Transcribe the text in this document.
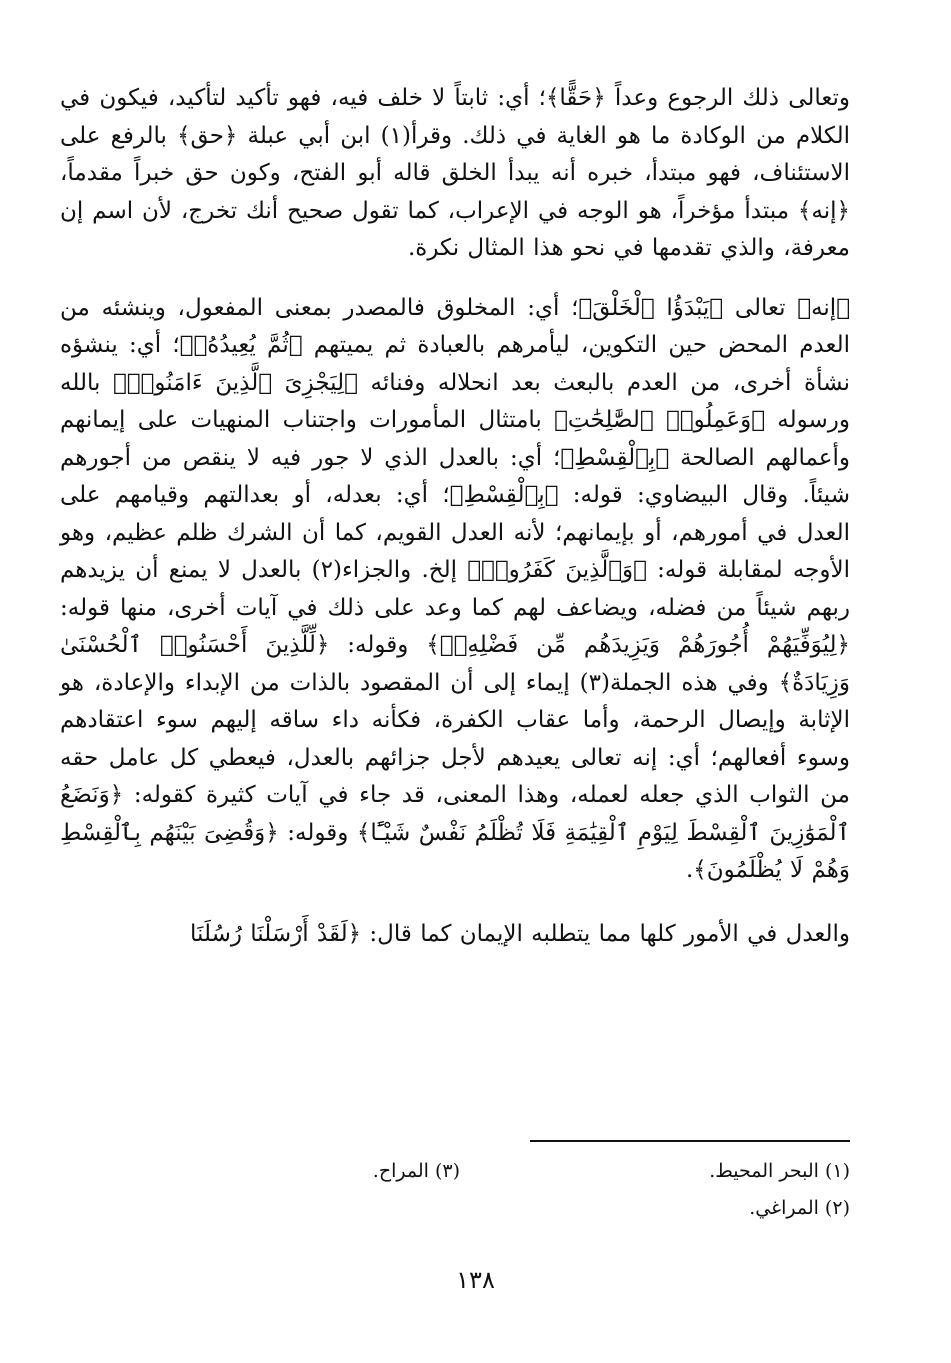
وتعالى ذلك الرجوع وعداً ﴿حَقًّا﴾؛ أي: ثابتاً لا خلف فيه، فهو تأكيد لتأكيد، فيكون في الكلام من الوكادة ما هو الغاية في ذلك. وقرأ(١) ابن أبي عبلة ﴿حق﴾ بالرفع على الاستئناف، فهو مبتدأ، خبره أنه يبدأ الخلق قاله أبو الفتح، وكون حق خبراً مقدماً، ﴿إنه﴾ مبتدأ مؤخراً، هو الوجه في الإعراب، كما تقول صحيح أنك تخرج، لأن اسم إن معرفة، والذي تقدمها في نحو هذا المثال نكرة.

﴿إنه﴾ تعالى ﴿يَبْدَؤُا ٱلْخَلْقَ﴾؛ أي: المخلوق فالمصدر بمعنى المفعول، وينشئه من العدم المحض حين التكوين، ليأمرهم بالعبادة ثم يميتهم ﴿ثُمَّ يُعِيدُهُۥ﴾؛ أي: ينشؤه نشأة أخرى، من العدم بالبعث بعد انحلاله وفنائه ﴿لِيَجْزِىَ ٱلَّذِينَ ءَامَنُوا۟﴾ بالله ورسوله ﴿وَعَمِلُوا۟ ٱلصَّٰلِحَٰتِ﴾ بامتثال المأمورات واجتناب المنهيات على إيمانهم وأعمالهم الصالحة ﴿بِٱلْقِسْطِ﴾؛ أي: بالعدل الذي لا جور فيه لا ينقص من أجورهم شيئاً. وقال البيضاوي: قوله: ﴿بِٱلْقِسْطِ﴾؛ أي: بعدله، أو بعدالتهم وقيامهم على العدل في أمورهم، أو بإيمانهم؛ لأنه العدل القويم، كما أن الشرك ظلم عظيم، وهو الأوجه لمقابلة قوله: ﴿وَٱلَّذِينَ كَفَرُوا۟﴾ إلخ. والجزاء(٢) بالعدل لا يمنع أن يزيدهم ربهم شيئاً من فضله، ويضاعف لهم كما وعد على ذلك في آيات أخرى، منها قوله: ﴿لِيُوَفِّيَهُمْ أُجُورَهُمْ وَيَزِيدَهُم مِّن فَضْلِهِۦٓ﴾ وقوله: ﴿لِّلَّذِينَ أَحْسَنُوا۟ ٱلْحُسْنَىٰ وَزِيَادَةٌ﴾ وفي هذه الجملة(٣) إيماء إلى أن المقصود بالذات من الإبداء والإعادة، هو الإثابة وإيصال الرحمة، وأما عقاب الكفرة، فكأنه داء ساقه إليهم سوء اعتقادهم وسوء أفعالهم؛ أي: إنه تعالى يعيدهم لأجل جزائهم بالعدل، فيعطي كل عامل حقه من الثواب الذي جعله لعمله، وهذا المعنى، قد جاء في آيات كثيرة كقوله: ﴿وَنَضَعُ ٱلْمَوَٰزِينَ ٱلْقِسْطَ لِيَوْمِ ٱلْقِيَٰمَةِ فَلَا تُظْلَمُ نَفْسٌ شَيْـًٔا﴾ وقوله: ﴿وَقُضِىَ بَيْنَهُم بِٱلْقِسْطِ وَهُمْ لَا يُظْلَمُونَ﴾.

والعدل في الأمور كلها مما يتطلبه الإيمان كما قال: ﴿لَقَدْ أَرْسَلْنَا رُسُلَنَا

(١) البحر المحيط.
(٢) المراغي.
(٣) المراح.
١٣٨
